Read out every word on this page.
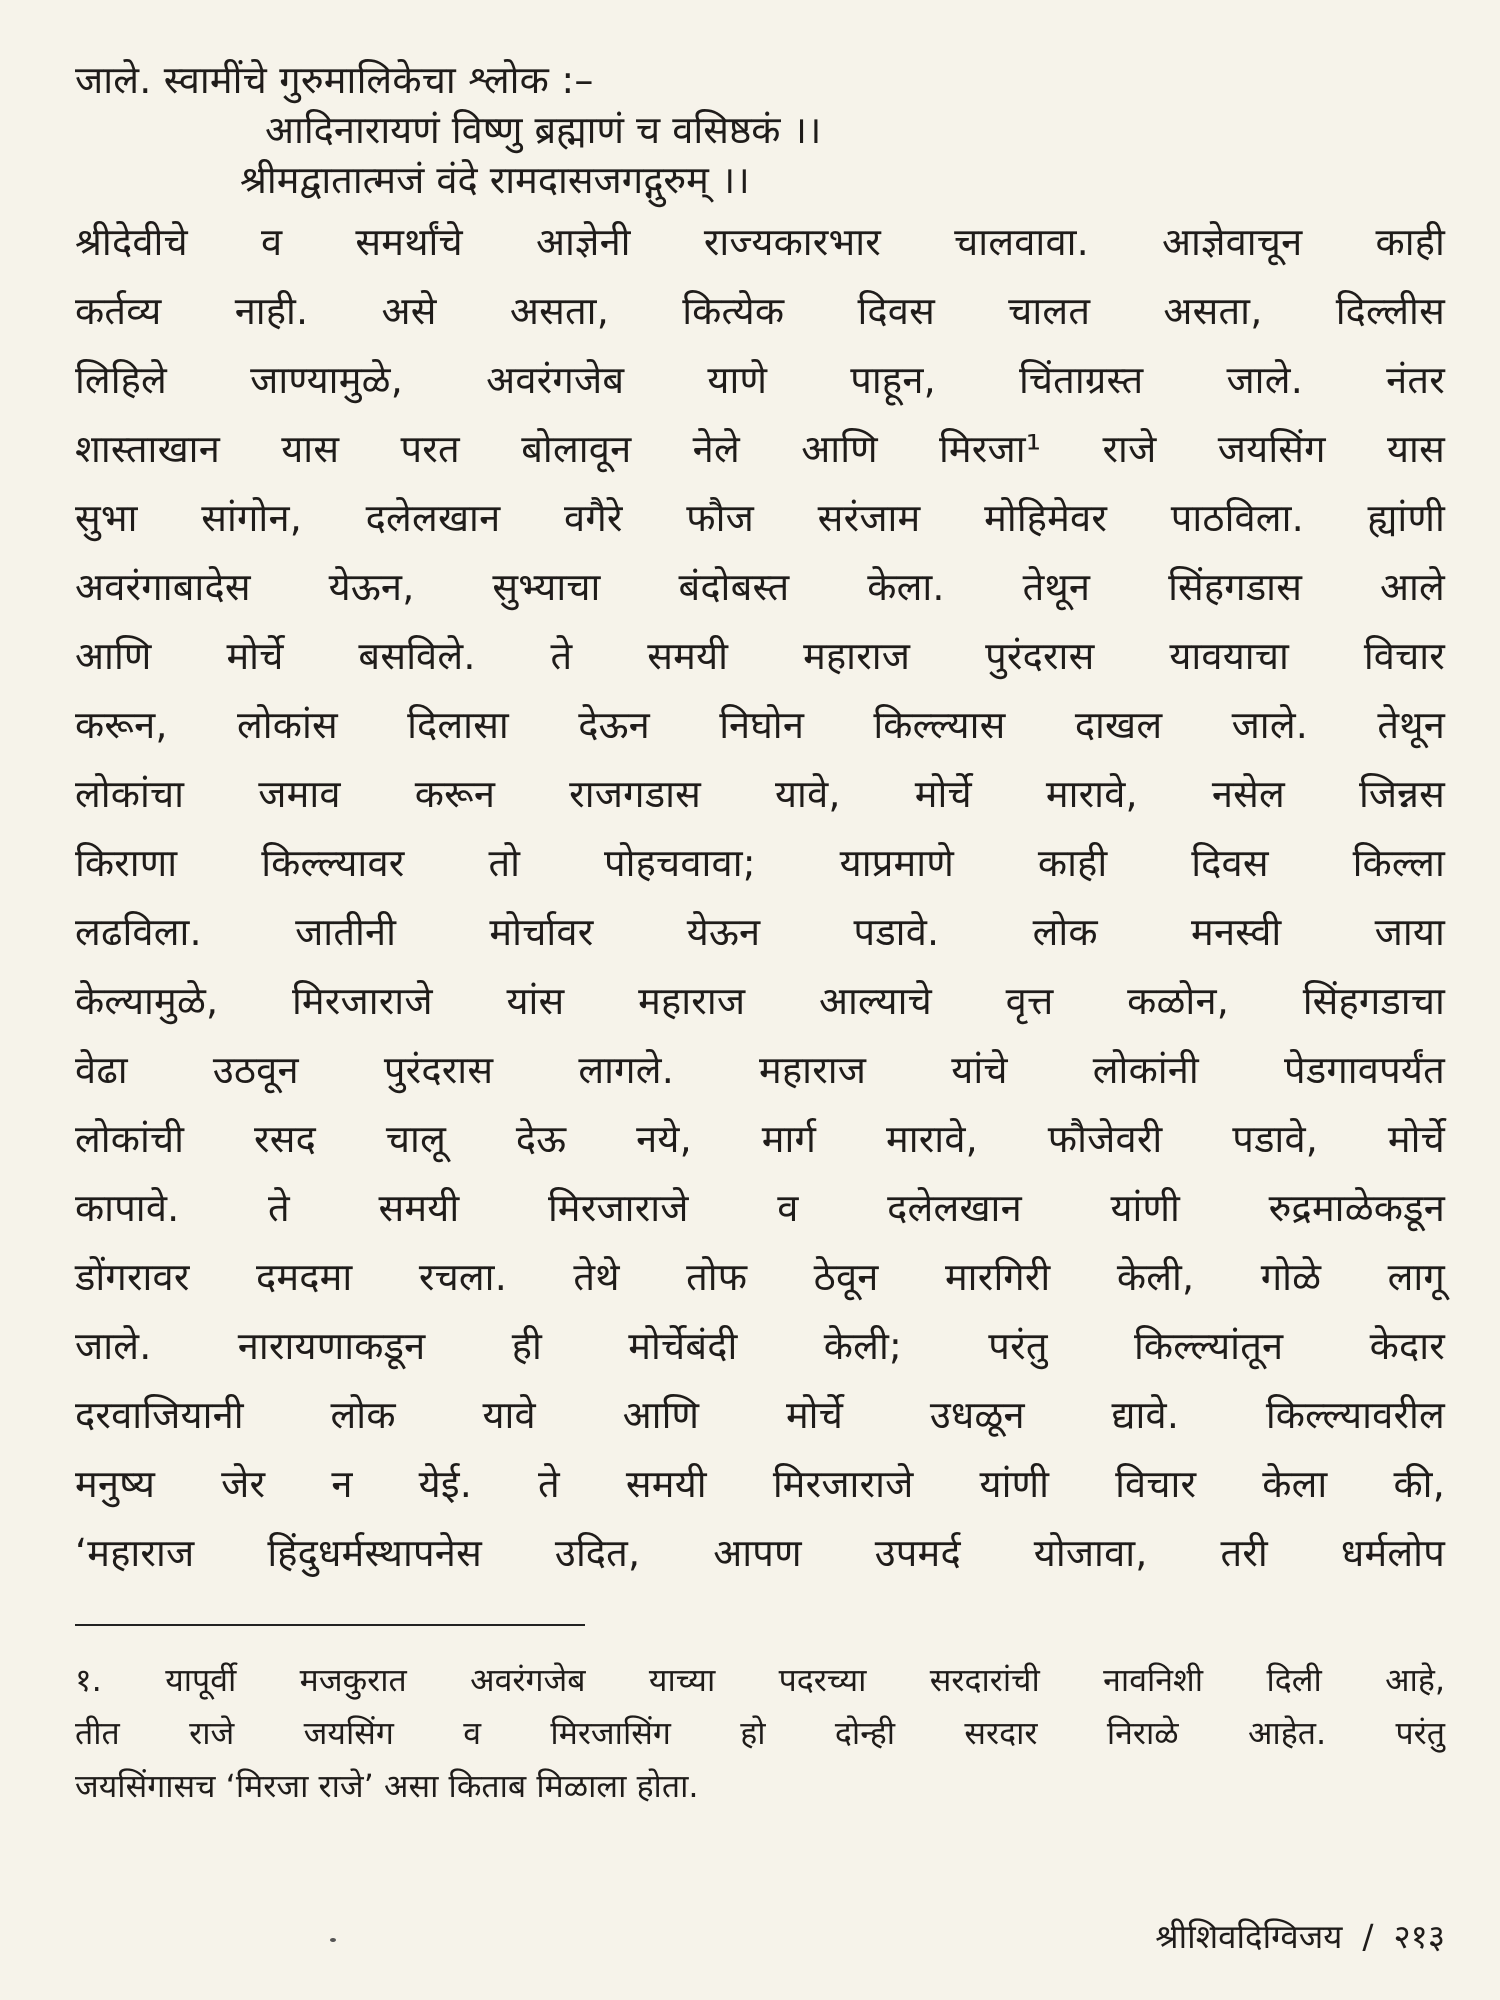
जाले. स्वामींचे गुरुमालिकेचा श्लोक :–
आदिनारायणं विष्णु ब्रह्माणं च वसिष्ठकं ।।
श्रीमद्वातात्मजं वंदे रामदासजगद्गुरुम् ।।
श्रीदेवीचे व समर्थांचे आज्ञेनी राज्यकारभार चालवावा. आज्ञेवाचून काही
कर्तव्य नाही. असे असता, कित्येक दिवस चालत असता, दिल्लीस
लिहिले जाण्यामुळे, अवरंगजेब याणे पाहून, चिंताग्रस्त जाले. नंतर
शास्ताखान यास परत बोलावून नेले आणि मिरजा¹ राजे जयसिंग यास
सुभा सांगोन, दलेलखान वगैरे फौज सरंजाम मोहिमेवर पाठविला. ह्यांणी
अवरंगाबादेस येऊन, सुभ्याचा बंदोबस्त केला. तेथून सिंहगडास आले
आणि मोर्चे बसविले. ते समयी महाराज पुरंदरास यावयाचा विचार
करून, लोकांस दिलासा देऊन निघोन किल्ल्यास दाखल जाले. तेथून
लोकांचा जमाव करून राजगडास यावे, मोर्चे मारावे, नसेल जिन्नस
किराणा किल्ल्यावर तो पोहचवावा; याप्रमाणे काही दिवस किल्ला
लढविला. जातीनी मोर्चावर येऊन पडावे. लोक मनस्वी जाया
केल्यामुळे, मिरजाराजे यांस महाराज आल्याचे वृत्त कळोन, सिंहगडाचा
वेढा उठवून पुरंदरास लागले. महाराज यांचे लोकांनी पेडगावपर्यंत
लोकांची रसद चालू देऊ नये, मार्ग मारावे, फौजेवरी पडावे, मोर्चे
कापावे. ते समयी मिरजाराजे व दलेलखान यांणी रुद्रमाळेकडून
डोंगरावर दमदमा रचला. तेथे तोफ ठेवून मारगिरी केली, गोळे लागू
जाले. नारायणाकडून ही मोर्चेबंदी केली; परंतु किल्ल्यांतून केदार
दरवाजियानी लोक यावे आणि मोर्चे उधळून द्यावे. किल्ल्यावरील
मनुष्य जेर न येई. ते समयी मिरजाराजे यांणी विचार केला की,
‘महाराज हिंदुधर्मस्थापनेस उदित, आपण उपमर्द योजावा, तरी धर्मलोप
१. यापूर्वी मजकुरात अवरंगजेब याच्या पदरच्या सरदारांची नावनिशी दिली आहे,
तीत राजे जयसिंग व मिरजासिंग हो दोन्ही सरदार निराळे आहेत. परंतु
जयसिंगासच ‘मिरजा राजे’ असा किताब मिळाला होता.
श्रीशिवदिग्विजय / २१३
